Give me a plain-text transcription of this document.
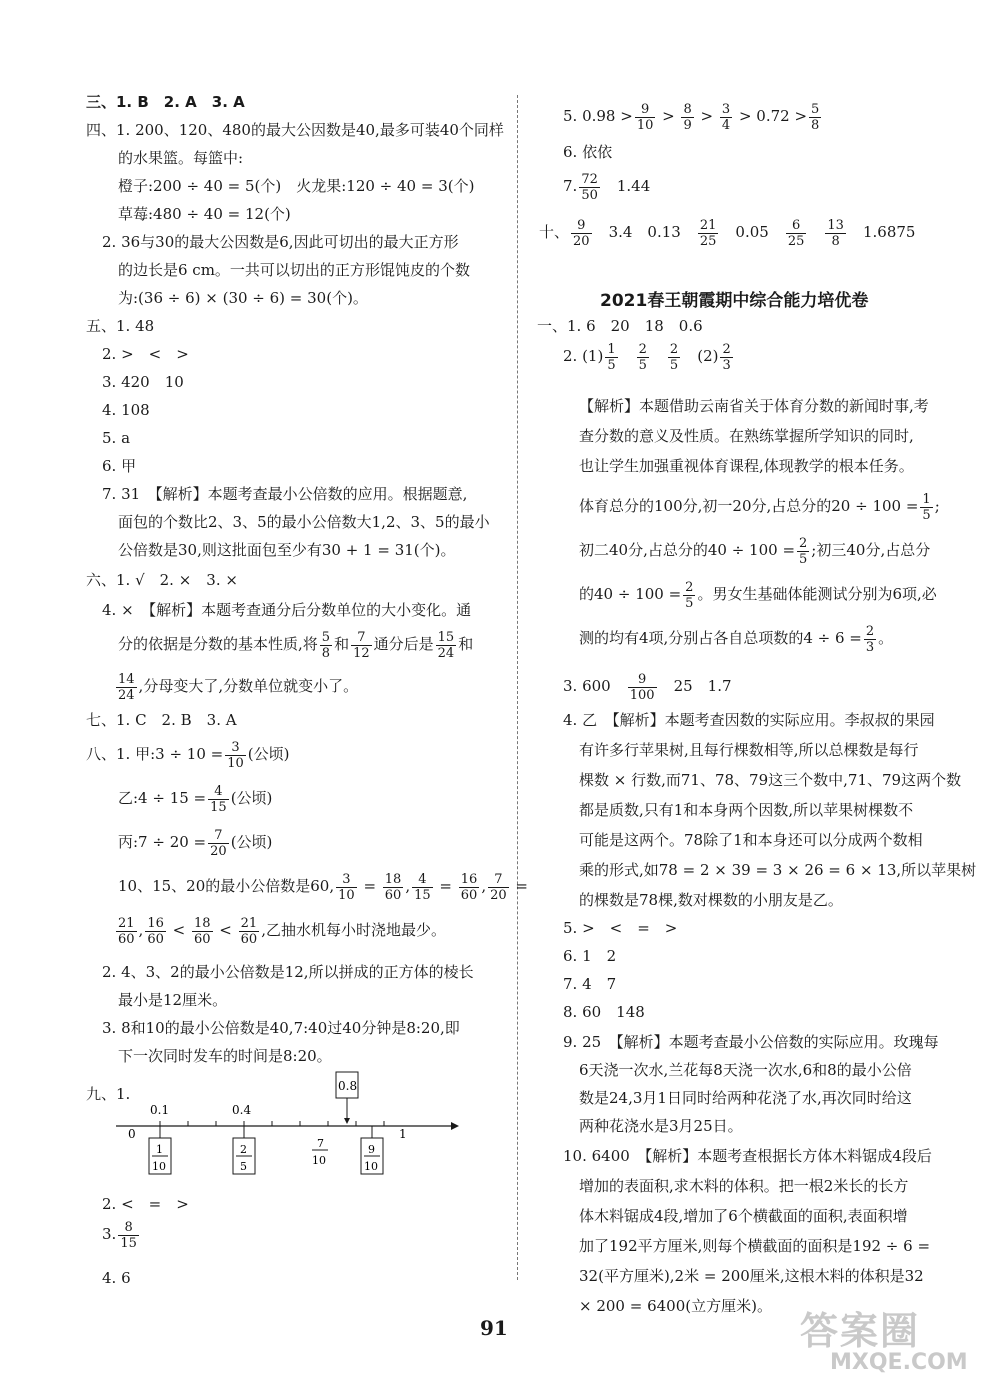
三、1. B　2. A　3. A
四、1. 200、120、480的最大公因数是40,最多可装40个同样
的水果篮。每篮中:
橙子:200 ÷ 40 = 5(个)　火龙果:120 ÷ 40 = 3(个)
草莓:480 ÷ 40 = 12(个)
2. 36与30的最大公因数是6,因此可切出的最大正方形
的边长是6 cm。一共可以切出的正方形馄饨皮的个数
为:(36 ÷ 6) × (30 ÷ 6) = 30(个)。
五、1. 48
2. >　<　>
3. 420　10
4. 108
5. a
6. 甲
7. 31　【解析】本题考查最小公倍数的应用。根据题意,
面包的个数比2、3、5的最小公倍数大1,2、3、5的最小
公倍数是30,则这批面包至少有30 + 1 = 31(个)。
六、1. √　2. ×　3. ×
4. ×　【解析】本题考查通分后分数单位的大小变化。通
分的依据是分数的基本性质,将 $\frac{5}{8}$ 和 $\frac{7}{12}$ 通分后是 $\frac{15}{24}$ 和
$\frac{14}{24}$ ,分母变大了,分数单位就变小了。
七、1. C　2. B　3. A
八、1. 甲:3 ÷ $10 = \frac{3}{10}$ (公顷)
乙:4 ÷ $15 = \frac{4}{15}$ (公顷)
丙:7 ÷ $20 = \frac{7}{20}$ (公顷)
10、15、20的最小公倍数是60, $\frac{3}{10} = \frac{18}{60}$ , $\frac{4}{15} = \frac{16}{60}$ , $\frac{7}{20}$ =
$\frac{21}{60}$ , $\frac{16}{60} < \frac{18}{60} < \frac{21}{60}$ ,乙抽水机每小时浇地最少。
2. 4、3、2的最小公倍数是12,所以拼成的正方体的棱长
最小是12厘米。
3. 8和10的最小公倍数是40,7:40过40分钟是8:20,即
下一次同时发车的时间是8:20。
九、1.
0	1
0.1	0.4
0.8
1
10
2
5
7
10
9
10
2. <　=　>
3. $\frac{8}{15}$
4. 6
5. $0.98 > \frac{9}{10} > \frac{8}{9} > \frac{3}{4} > 0.72 > \frac{5}{8}$
6. 依依
7. $\frac{72}{50}$
　 1.44
十、 $\frac{9}{20}$
　 3.4　0.13　 $\frac{21}{25}$
　 0.05　 $\frac{6}{25}$
　 $\frac{13}{8}$
　 1.6875
一、1. 6　20　18　0.6
2. $(1) \frac{1}{5}$
　 $\frac{2}{5}$
　 $\frac{2}{5}$
　 $(2) \frac{2}{3}$
【解析】本题借助云南省关于体育分数的新闻时事,考
查分数的意义及性质。在熟练掌握所学知识的同时,
也让学生加强重视体育课程,体现教学的根本任务。
体育总分的100分,初一20分,占总分的$20 \div 100 = \frac{1}{5}$ ;
初二40分,占总分的$40 \div 100 = \frac{2}{5}$ ;初三40分,占总分
的$40 \div 100 = \frac{2}{5}$ 。男女生基础体能测试分别为6项,必
测的均有4项,分别占各自总项数的$4 \div 6 = \frac{2}{3}$ 。
3. 600　 $\frac{9}{100}$
　 25　1.7
4. 乙　【解析】本题考查因数的实际应用。李叔叔的果园
有许多行苹果树,且每行棵数相等,所以总棵数是每行
棵数 × 行数,而71、78、79这三个数中,71、79这两个数
都是质数,只有1和本身两个因数,所以苹果树棵数不
可能是这两个。78除了1和本身还可以分成两个数相
乘的形式,如78 = 2 × 39 = 3 × 26 = 6 × 13,所以苹果树
的棵数是78棵,数对棵数的小朋友是乙。
5. >　<　=　>
6. 1　2
7. 4　7
8. 60　148
9. 25　【解析】本题考查最小公倍数的实际应用。玫瑰每
6天浇一次水,兰花每8天浇一次水,6和8的最小公倍
数是24,3月1日同时给两种花浇了水,再次同时给这
两种花浇水是3月25日。
10. 6400　【解析】本题考查根据长方体木料锯成4段后
增加的表面积,求木料的体积。把一根2米长的长方
体木料锯成4段,增加了6个横截面的面积,表面积增
加了192平方厘米,则每个横截面的面积是192 ÷ 6 =
32(平方厘米),2米 = 200厘米,这根木料的体积是32
× 200 = 6400(立方厘米)。
2021春王朝霞期中综合能力培优卷
91	答案圈
MXQE.COM
